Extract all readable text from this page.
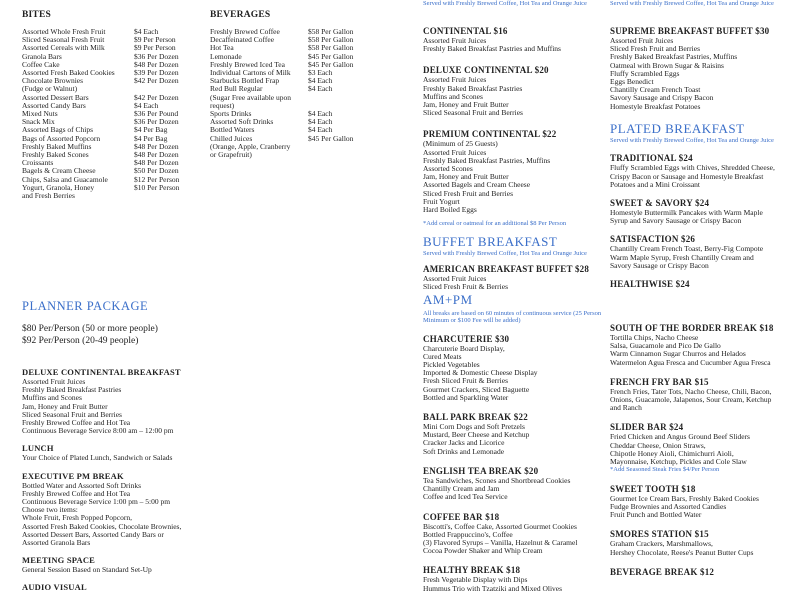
BITES
Assorted Whole Fresh Fruit	$4 Each
Sliced Seasonal Fresh Fruit	$9 Per Person
Assorted Cereals with Milk	$9 Per Person
Granola Bars	$36 Per Dozen
Coffee Cake	$48 Per Dozen
Assorted Fresh Baked Cookies	$39 Per Dozen
Chocolate Brownies	$42 Per Dozen
(Fudge or Walnut)
Assorted Dessert Bars	$42 Per Dozen
Assorted Candy Bars	$4 Each
Mixed Nuts	$36 Per Pound
Snack Mix	$36 Per Dozen
Assorted Bags of Chips	$4 Per Bag
Bags of Assorted Popcorn	$4 Per Bag
Freshly Baked Muffins	$48 Per Dozen
Freshly Baked Scones	$48 Per Dozen
Croissants	$48 Per Dozen
Bagels & Cream Cheese	$50 Per Dozen
Chips, Salsa and Guacamole	$12 Per Person
Yogurt, Granola, Honey	$10 Per Person
and Fresh Berries
BEVERAGES
Freshly Brewed Coffee	$58 Per Gallon
Decaffeinated Coffee	$58 Per Gallon
Hot Tea	$58 Per Gallon
Lemonade	$45 Per Gallon
Freshly Brewed Iced Tea	$45 Per Gallon
Individual Cartons of Milk	$3 Each
Starbucks Bottled Frap	$4 Each
Red Bull Regular	$4 Each
(Sugar Free available upon request)
Sports Drinks	$4 Each
Assorted Soft Drinks	$4 Each
Bottled Waters	$4 Each
Chilled Juices	$45 Per Gallon
(Orange, Apple, Cranberry
or Grapefruit)
PLANNER PACKAGE
$80 Per/Person (50 or more people)
$92 Per/Person (20-49 people)
DELUXE CONTINENTAL BREAKFAST
Assorted Fruit Juices
Freshly Baked Breakfast Pastries
Muffins and Scones
Jam, Honey and Fruit Butter
Sliced Seasonal Fruit and Berries
Freshly Brewed Coffee and Hot Tea
Continuous Beverage Service 8:00 am – 12:00 pm
LUNCH
Your Choice of Plated Lunch, Sandwich or Salads
EXECUTIVE PM BREAK
Bottled Water and Assorted Soft Drinks
Freshly Brewed Coffee and Hot Tea
Continuous Beverage Service 1:00 pm – 5:00 pm
Choose two items:
Whole Fruit, Fresh Popped Popcorn,
Assorted Fresh Baked Cookies, Chocolate Brownies,
Assorted Dessert Bars, Assorted Candy Bars or
Assorted Granola Bars
MEETING SPACE
General Session Based on Standard Set-Up
AUDIO VISUAL
Served with Freshly Brewed Coffee, Hot Tea and Orange Juice
CONTINENTAL $16
Assorted Fruit Juices
Freshly Baked Breakfast Pastries and Muffins
DELUXE CONTINENTAL $20
Assorted Fruit Juices
Freshly Baked Breakfast Pastries
Muffins and Scones
Jam, Honey and Fruit Butter
Sliced Seasonal Fruit and Berries
PREMIUM CONTINENTAL $22
(Minimum of 25 Guests)
Assorted Fruit Juices
Freshly Baked Breakfast Pastries, Muffins
Assorted Scones
Jam, Honey and Fruit Butter
Assorted Bagels and Cream Cheese
Sliced Fresh Fruit and Berries
Fruit Yogurt
Hard Boiled Eggs
*Add cereal or oatmeal for an additional $8 Per Person
BUFFET BREAKFAST
Served with Freshly Brewed Coffee, Hot Tea and Orange Juice
AMERICAN BREAKFAST BUFFET $28
Assorted Fruit Juices
Sliced Fresh Fruit & Berries
AM+PM
All breaks are based on 60 minutes of continuous service (25 Person Minimum or $100 Fee will be added)
CHARCUTERIE $30
Charcuterie Board Display,
Cured Meats
Pickled Vegetables
Imported & Domestic Cheese Display
Fresh Sliced Fruit & Berries
Gourmet Crackers, Sliced Baguette
Bottled and Sparkling Water
BALL PARK BREAK $22
Mini Corn Dogs and Soft Pretzels
Mustard, Beer Cheese and Ketchup
Cracker Jacks and Licorice
Soft Drinks and Lemonade
ENGLISH TEA BREAK $20
Tea Sandwiches, Scones and Shortbread Cookies
Chantilly Cream and Jam
Coffee and Iced Tea Service
COFFEE BAR $18
Biscotti's, Coffee Cake, Assorted Gourmet Cookies
Bottled Frappuccino's, Coffee
(3) Flavored Syrups – Vanilla, Hazelnut & Caramel
Cocoa Powder Shaker and Whip Cream
HEALTHY BREAK $18
Fresh Vegetable Display with Dips
Hummus Trio with Tzatziki and Mixed Olives
Served with Freshly Brewed Coffee, Hot Tea and Orange Juice
SUPREME BREAKFAST BUFFET $30
Assorted Fruit Juices
Sliced Fresh Fruit and Berries
Freshly Baked Breakfast Pastries, Muffins
Oatmeal with Brown Sugar & Raisins
Fluffy Scrambled Eggs
Eggs Benedict
Chantilly Cream French Toast
Savory Sausage and Crispy Bacon
Homestyle Breakfast Potatoes
PLATED BREAKFAST
Served with Freshly Brewed Coffee, Hot Tea and Orange Juice
TRADITIONAL $24
Fluffy Scrambled Eggs with Chives, Shredded Cheese,
Crispy Bacon or Sausage and Homestyle Breakfast
Potatoes and a Mini Croissant
SWEET & SAVORY $24
Homestyle Buttermilk Pancakes with Warm Maple
Syrup and Savory Sausage or Crispy Bacon
SATISFACTION $26
Chantilly Cream French Toast, Berry-Fig Compote
Warm Maple Syrup, Fresh Chantilly Cream and
Savory Sausage or Crispy Bacon
HEALTHWISE $24
SOUTH OF THE BORDER BREAK $18
Tortilla Chips, Nacho Cheese
Salsa, Guacamole and Pico De Gallo
Warm Cinnamon Sugar Churros and Helados
Watermelon Agua Fresca and Cucumber Agua Fresca
FRENCH FRY BAR $15
French Fries, Tater Tots, Nacho Cheese, Chili, Bacon,
Onions, Guacamole, Jalapenos, Sour Cream, Ketchup
and Ranch
SLIDER BAR $24
Fried Chicken and Angus Ground Beef Sliders
Cheddar Cheese, Onion Straws,
Chipotle Honey Aioli, Chimichurri Aioli,
Mayonnaise, Ketchup, Pickles and Cole Slaw
*Add Seasoned Steak Fries $4/Per Person
SWEET TOOTH $18
Gourmet Ice Cream Bars, Freshly Baked Cookies
Fudge Brownies and Assorted Candies
Fruit Punch and Bottled Water
SMORES STATION $15
Graham Crackers, Marshmallows,
Hershey Chocolate, Reese's Peanut Butter Cups
BEVERAGE BREAK $12
